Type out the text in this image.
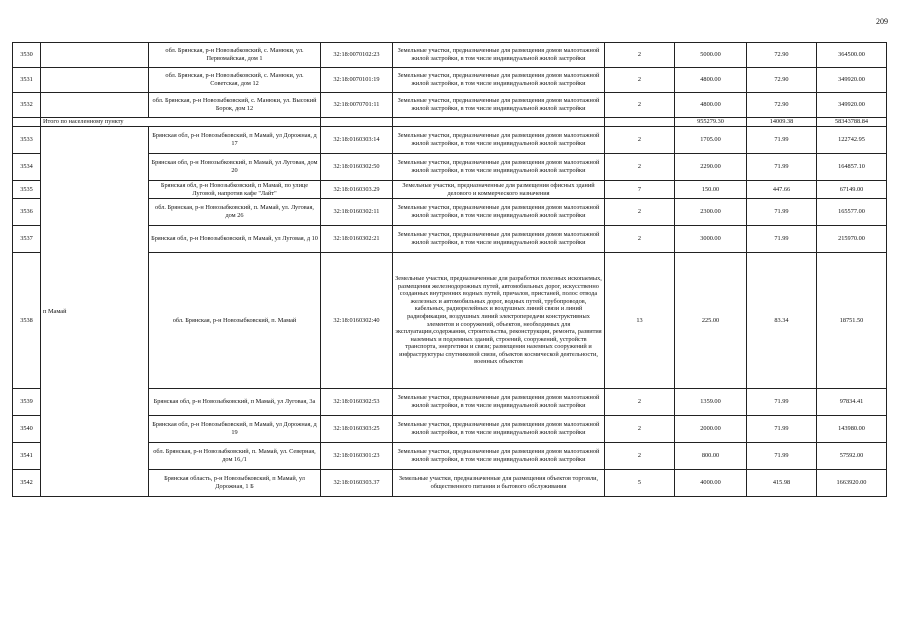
209
3530		обл. Брянская, р-н Новозыбковский, с. Манюки, ул. Первомайская, дом 1	32:18:0070102:23	Земельные участки, предназначенные для размещения домов малоэтажной жилой застройки, в том числе индивидуальной жилой застройки	2	5000.00	72.90	364500.00
3531		обл. Брянская, р-н Новозыбковский, с. Манюки, ул. Советская, дом 12	32:18:0070101:19	Земельные участки, предназначенные для размещения домов малоэтажной жилой застройки, в том числе индивидуальной жилой застройки	2	4800.00	72.90	349920.00
3532		обл. Брянская, р-н Новозыбковский, с. Манюки, ул. Высокий Борок, дом 12	32:18:0070701:11	Земельные участки, предназначенные для размещения домов малоэтажной жилой застройки, в том числе индивидуальной жилой застройки	2	4800.00	72.90	349920.00
	Итого по населенному пункту					955279.30	14009.38	58343788.84
3533	п Мамай	Брянская обл, р-н Новозыбковский, п Мамай, ул Дорожная, д 17	32:18:0160303:14	Земельные участки, предназначенные для размещения домов малоэтажной жилой застройки, в том числе индивидуальной жилой застройки	2	1705.00	71.99	122742.95
3534		Брянская обл, р-н Новозыбковский, п Мамай, ул Луговая, дом 20	32:18:0160302:50	Земельные участки, предназначенные для размещения домов малоэтажной жилой застройки, в том числе индивидуальной жилой застройки	2	2290.00	71.99	164857.10
3535		Брянская обл, р-н Новозыбковский, п Мамай, по улице Луговой, напротив кафе "Лайт"	32:18:0160303.29	Земельные участки, предназначенные для размещения офисных зданий делового и коммерческого назначения	7	150.00	447.66	67149.00
3536		обл. Брянская, р-н Новозыбковский, п. Мамай, ул. Луговая, дом 26	32:18:0160302:11	Земельные участки, предназначенные для размещения домов малоэтажной жилой застройки, в том числе индивидуальной жилой застройки	2	2300.00	71.99	165577.00
3537		Брянская обл, р-н Новозыбковский, п Мамай, ул Луговая, д 10	32:18:0160302:21	Земельные участки, предназначенные для размещения домов малоэтажной жилой застройки, в том числе индивидуальной жилой застройки	2	3000.00	71.99	215970.00
3538		обл. Брянская, р-н Новозыбковский, п. Мамай	32:18:0160302:40	Земельные участки, предназначенные для разработки полезных ископаемых, размещения железнодорожных путей, автомобильных дорог, искусственно созданных внутренних водных путей, причалов, пристаней, полос отвода железных и автомобильных дорог, водных путей, трубопроводов, кабельных, радиорелейных и воздушных линий связи и линий радиофикации, воздушных линий электропередачи конструктивных элементов и сооружений, объектов, необходимых для эксплуатации,содержания, строительства, реконструкции, ремонта, развития наземных и подземных зданий, строений, сооружений, устройств транспорта, энергетики и связи; размещения наземных сооружений и инфраструктуры спутниковой связи, объектов космической деятельности, военных объектов	13	225.00	83.34	18751.50
3539		Брянская обл, р-н Новозыбковский, п Мамай, ул Луговая, 3а	32:18:0160302:53	Земельные участки, предназначенные для размещения домов малоэтажной жилой застройки, в том числе индивидуальной жилой застройки	2	1359.00	71.99	97834.41
3540		Брянская обл, р-н Новозыбковский, п Мамай, ул Дорожная, д 19	32:18:0160303:25	Земельные участки, предназначенные для размещения домов малоэтажной жилой застройки, в том числе индивидуальной жилой застройки	2	2000.00	71.99	143980.00
3541		обл. Брянская, р-н Новозыбковский, п. Мамай, ул. Северная, дом 16,/1	32:18:0160301:23	Земельные участки, предназначенные для размещения домов малоэтажной жилой застройки, в том числе индивидуальной жилой застройки	2	800.00	71.99	57592.00
3542		Брянская область, р-н Новозыбковский, п Мамай, ул Дорожная, 1 Б	32:18:0160303.37	Земельные участки, предназначенные для размещения объектов торговли, общественного питания и бытового обслуживания	5	4000.00	415.98	1663920.00
